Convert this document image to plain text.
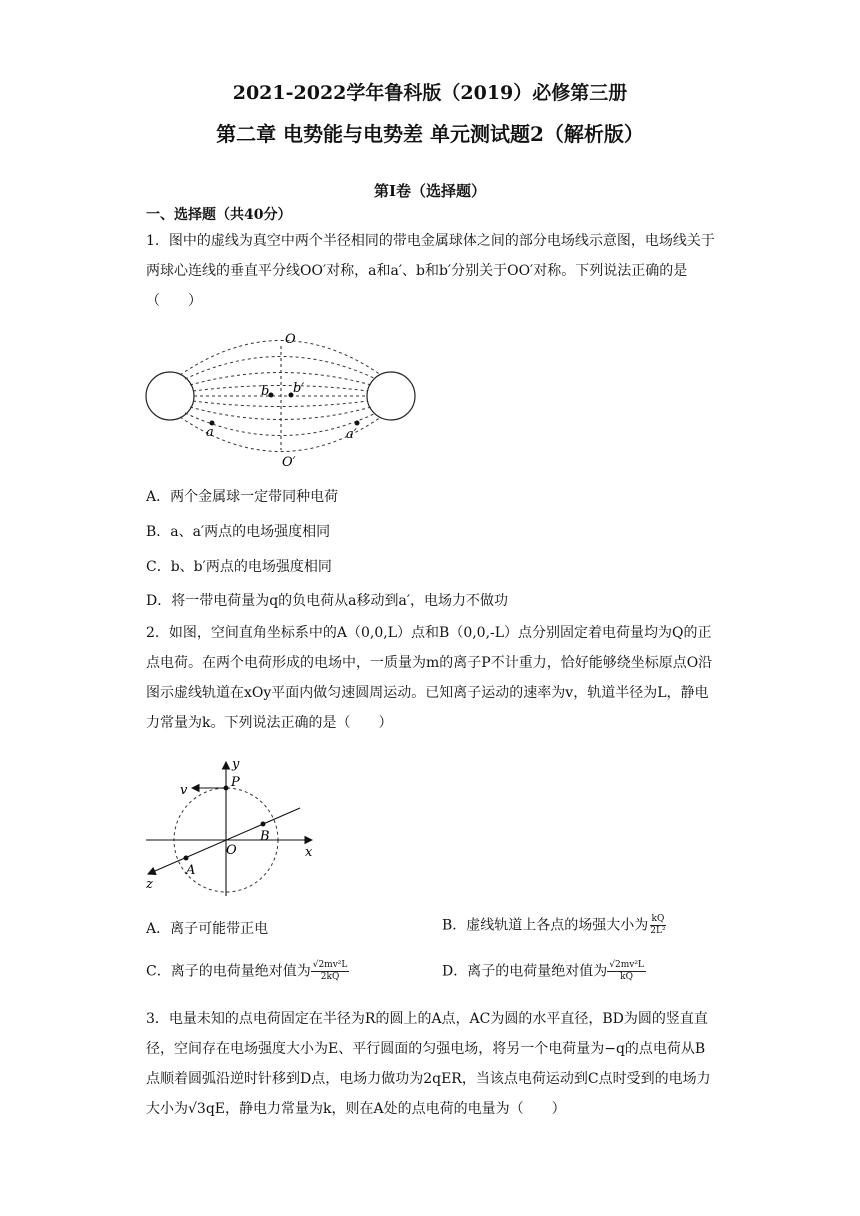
2021-2022学年鲁科版（2019）必修第三册
第二章 电势能与电势差 单元测试题2（解析版）
第Ⅰ卷（选择题）
一、选择题（共40分）
1．图中的虚线为真空中两个半径相同的带电金属球体之间的部分电场线示意图，电场线关于两球心连线的垂直平分线OO′对称，a和a′、b和b′分别关于OO′对称。下列说法正确的是（　　）
O
O′
b b′
a	a′
A．两个金属球一定带同种电荷
B．a、a′两点的电场强度相同
C．b、b′两点的电场强度相同
D．将一带电荷量为q的负电荷从a移动到a′，电场力不做功
2．如图，空间直角坐标系中的A（0,0,L）点和B（0,0,-L）点分别固定着电荷量均为Q的正点电荷。在两个电荷形成的电场中，一质量为m的离子P不计重力，恰好能够绕坐标原点O沿图示虚线轨道在xOy平面内做匀速圆周运动。已知离子运动的速率为v，轨道半径为L，静电力常量为k。下列说法正确的是（　　）
y
x
z
v
P
B
A
O
A．离子可能带正电	B．虚线轨道上各点的场强大小为 $\frac{kQ}{\text{2L²}}$
C．离子的电荷量绝对值为 $\frac{\text{√2mv²L}}{2kQ}$	D．离子的电荷量绝对值为 $\frac{\text{√2mv²L}}{kQ}$
3．电量未知的点电荷固定在半径为R的圆上的A点，AC为圆的水平直径，BD为圆的竖直直径，空间存在电场强度大小为E、平行圆面的匀强电场，将另一个电荷量为−q的点电荷从B点顺着圆弧沿逆时针移到D点，电场力做功为2qER，当该点电荷运动到C点时受到的电场力大小为√3qE，静电力常量为k，则在A处的点电荷的电量为（　　）
